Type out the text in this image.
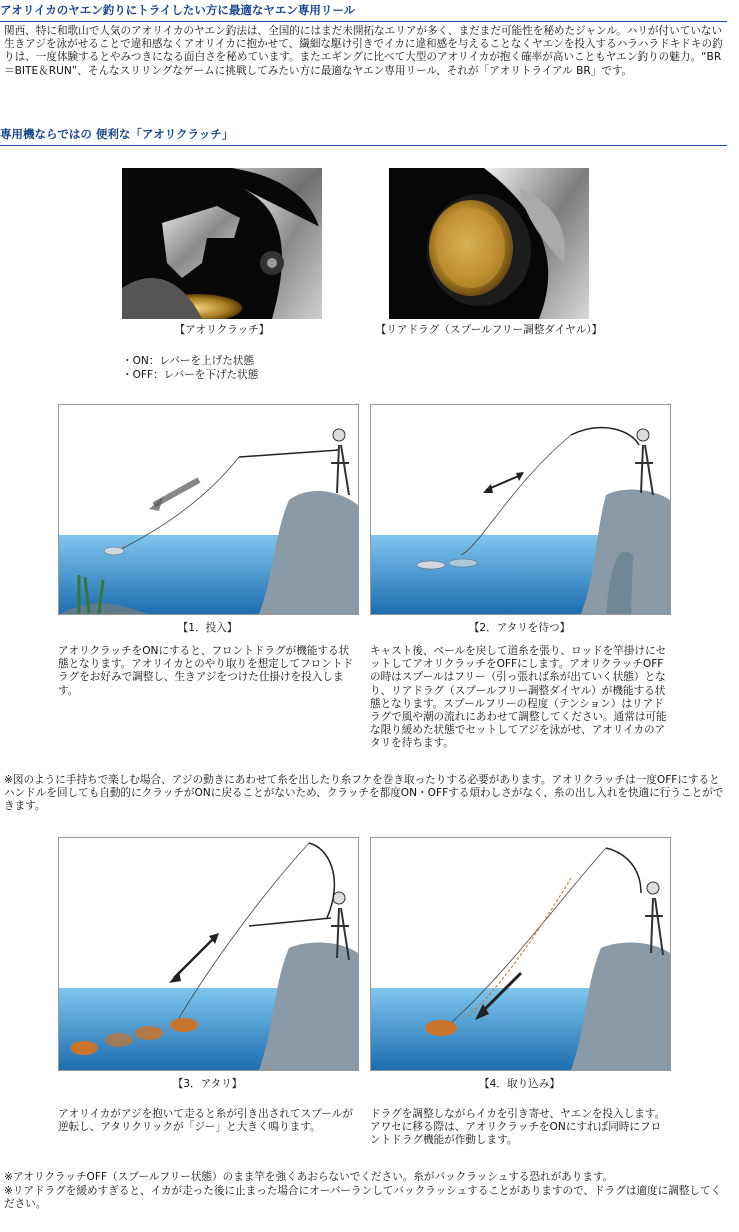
アオリイカのヤエン釣りにトライしたい方に最適なヤエン専用リール

関西、特に和歌山で人気のアオリイカのヤエン釣法は、全国的にはまだ未開拓なエリアが多く、まだまだ可能性を秘めたジャンル。ハリが付いていない生きアジを泳がせることで違和感なくアオリイカに抱かせて、繊細な駆け引きでイカに違和感を与えることなくヤエンを投入するハラハラドキドキの釣りは、一度体験するとやみつきになる面白さを秘めています。またエギングに比べて大型のアオリイカが抱く確率が高いこともヤエン釣りの魅力。“BR＝BITE＆RUN”、そんなスリリングなゲームに挑戦してみたい方に最適なヤエン専用リール、それが「アオリトライアル BR」です。

専用機ならではの 便利な「アオリクラッチ」
【アオリクラッチ】	【リアドラグ（スプールフリー調整ダイヤル）】
・ON：レバーを上げた状態
・OFF：レバーを下げた状態
【1．投入】	【2．アタリを待つ】

アオリクラッチをONにすると、フロントドラグが機能する状態となります。アオリイカとのやり取りを想定してフロントドラグをお好みで調整し、生きアジをつけた仕掛けを投入します。

キャスト後、ベールを戻して道糸を張り、ロッドを竿掛けにセットしてアオリクラッチをOFFにします。アオリクラッチOFFの時はスプールはフリー（引っ張れば糸が出ていく状態）となり、リアドラグ（スプールフリー調整ダイヤル）が機能する状態となります。スプールフリーの程度（テンション）はリアドラグで風や潮の流れにあわせて調整してください。通常は可能な限り緩めた状態でセットしてアジを泳がせ、アオリイカのアタリを待ちます。

※図のように手持ちで楽しむ場合、アジの動きにあわせて糸を出したり糸フケを巻き取ったりする必要があります。アオリクラッチは一度OFFにするとハンドルを回しても自動的にクラッチがONに戻ることがないため、クラッチを都度ON・OFFする煩わしさがなく、糸の出し入れを快適に行うことができます。

【3．アタリ】	【4．取り込み】

アオリイカがアジを抱いて走ると糸が引き出されてスプールが逆転し、アタリクリックが「ジー」と大きく鳴ります。

ドラグを調整しながらイカを引き寄せ、ヤエンを投入します。アワセに移る際は、アオリクラッチをONにすれば同時にフロントドラグ機能が作動します。

※アオリクラッチOFF（スプールフリー状態）のまま竿を強くあおらないでください。糸がバックラッシュする恐れがあります。

※リアドラグを緩めすぎると、イカが走った後に止まった場合にオーバーランしてバックラッシュすることがありますので、ドラグは適度に調整してください。
